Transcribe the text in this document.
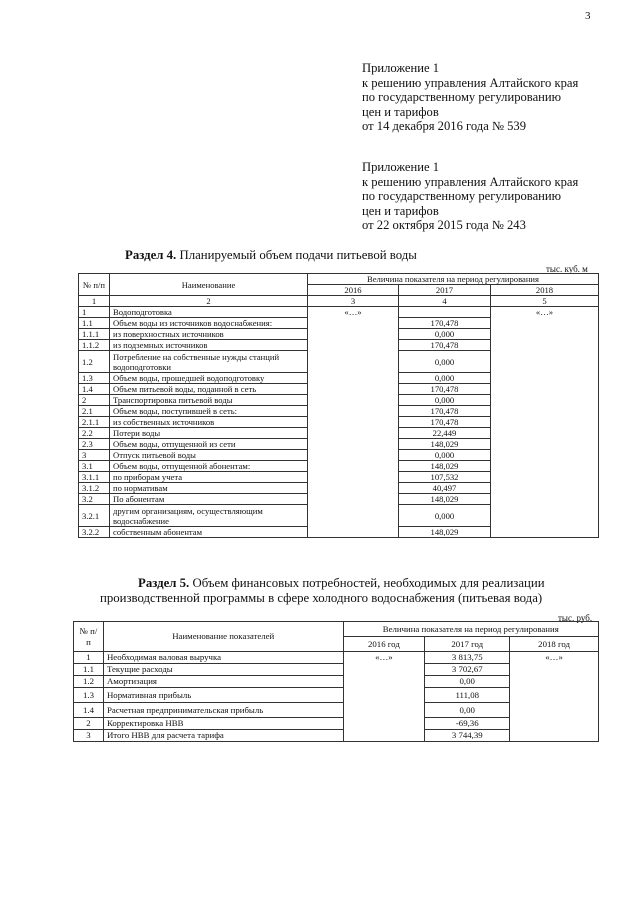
3
Приложение 1
к решению управления Алтайского края
по государственному регулированию
цен и тарифов
от 14 декабря 2016 года № 539
Приложение 1
к решению управления Алтайского края
по государственному регулированию
цен и тарифов
от 22 октября 2015 года № 243
Раздел 4. Планируемый объем подачи питьевой воды
тыс. куб. м
№ п/п	Наименование	Величина показателя на период регулирования		
		2016	2017	2018
1	2	3	4	5
1	Водоподготовка	«…»		«…»
1.1	Объем воды из источников водоснабжения:		170,478	
1.1.1	из поверхностных источников		0,000	
1.1.2	из подземных источников		170,478	
1.2	Потребление на собственные нужды станций водоподготовки		0,000	
1.3	Объем воды, прошедшей водоподготовку		0,000	
1.4	Объем питьевой воды, поданной в сеть		170,478	
2	Транспортировка питьевой воды		0,000	
2.1	Объем воды, поступившей в сеть:		170,478	
2.1.1	из собственных источников		170,478	
2.2	Потери воды		22,449	
2.3	Объем воды, отпущенной из сети		148,029	
3	Отпуск питьевой воды		0,000	
3.1	Объем воды, отпущенной абонентам:		148,029	
3.1.1	по приборам учета		107,532	
3.1.2	по нормативам		40,497	
3.2	По абонентам		148,029	
3.2.1	другим организациям, осуществляющим водоснабжение		0,000	
3.2.2	собственным абонентам		148,029	
Раздел 5. Объем финансовых потребностей, необходимых для реализации производственной программы в сфере холодного водоснабжения (питьевая вода)
тыс. руб.
№ п/ п	Наименование показателей	Величина показателя на период регулирования		
		2016 год	2017 год	2018 год
1	Необходимая валовая выручка	«…»	3 813,75	«…»
1.1	Текущие расходы		3 702,67	
1.2	Амортизация		0,00	
1.3	Нормативная прибыль		111,08	
1.4	Расчетная предпринимательская прибыль		0,00	
2	Корректировка НВВ		-69,36	
3	Итого НВВ для расчета тарифа		3 744,39	
